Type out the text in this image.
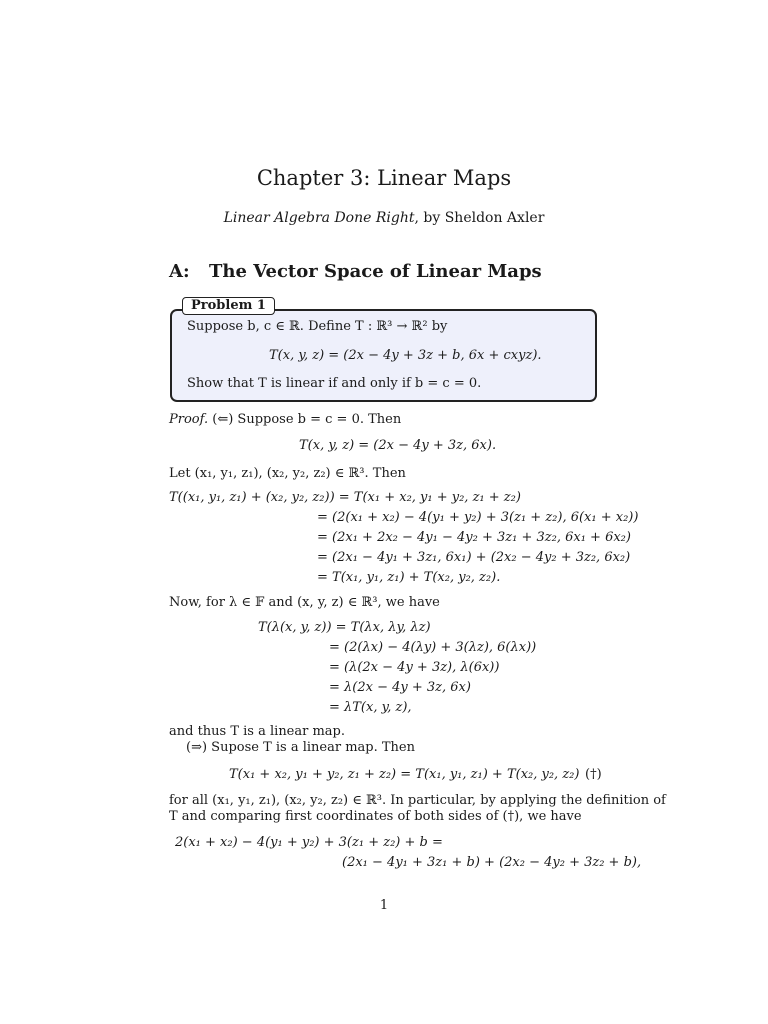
Chapter 3: Linear Maps
Linear Algebra Done Right, by Sheldon Axler
A: The Vector Space of Linear Maps
Problem 1
Suppose b, c ∈ ℝ. Define T : ℝ³ → ℝ² by
T(x, y, z) = (2x − 4y + 3z + b, 6x + cxyz).
Show that T is linear if and only if b = c = 0.
Proof. (⇐) Suppose b = c = 0. Then
T(x, y, z) = (2x − 4y + 3z, 6x).
Let (x₁, y₁, z₁), (x₂, y₂, z₂) ∈ ℝ³. Then
T((x₁, y₁, z₁) + (x₂, y₂, z₂)) = T(x₁ + x₂, y₁ + y₂, z₁ + z₂)
= (2(x₁ + x₂) − 4(y₁ + y₂) + 3(z₁ + z₂), 6(x₁ + x₂))
= (2x₁ + 2x₂ − 4y₁ − 4y₂ + 3z₁ + 3z₂, 6x₁ + 6x₂)
= (2x₁ − 4y₁ + 3z₁, 6x₁) + (2x₂ − 4y₂ + 3z₂, 6x₂)
= T(x₁, y₁, z₁) + T(x₂, y₂, z₂).
Now, for λ ∈ 𝔽 and (x, y, z) ∈ ℝ³, we have
T(λ(x, y, z)) = T(λx, λy, λz)
= (2(λx) − 4(λy) + 3(λz), 6(λx))
= (λ(2x − 4y + 3z), λ(6x))
= λ(2x − 4y + 3z, 6x)
= λT(x, y, z),
and thus T is a linear map.
(⇒) Supose T is a linear map. Then
T(x₁ + x₂, y₁ + y₂, z₁ + z₂) = T(x₁, y₁, z₁) + T(x₂, y₂, z₂) (†)
for all (x₁, y₁, z₁), (x₂, y₂, z₂) ∈ ℝ³. In particular, by applying the definition of
T and comparing first coordinates of both sides of (†), we have
2(x₁ + x₂) − 4(y₁ + y₂) + 3(z₁ + z₂) + b =
(2x₁ − 4y₁ + 3z₁ + b) + (2x₂ − 4y₂ + 3z₂ + b),
1
